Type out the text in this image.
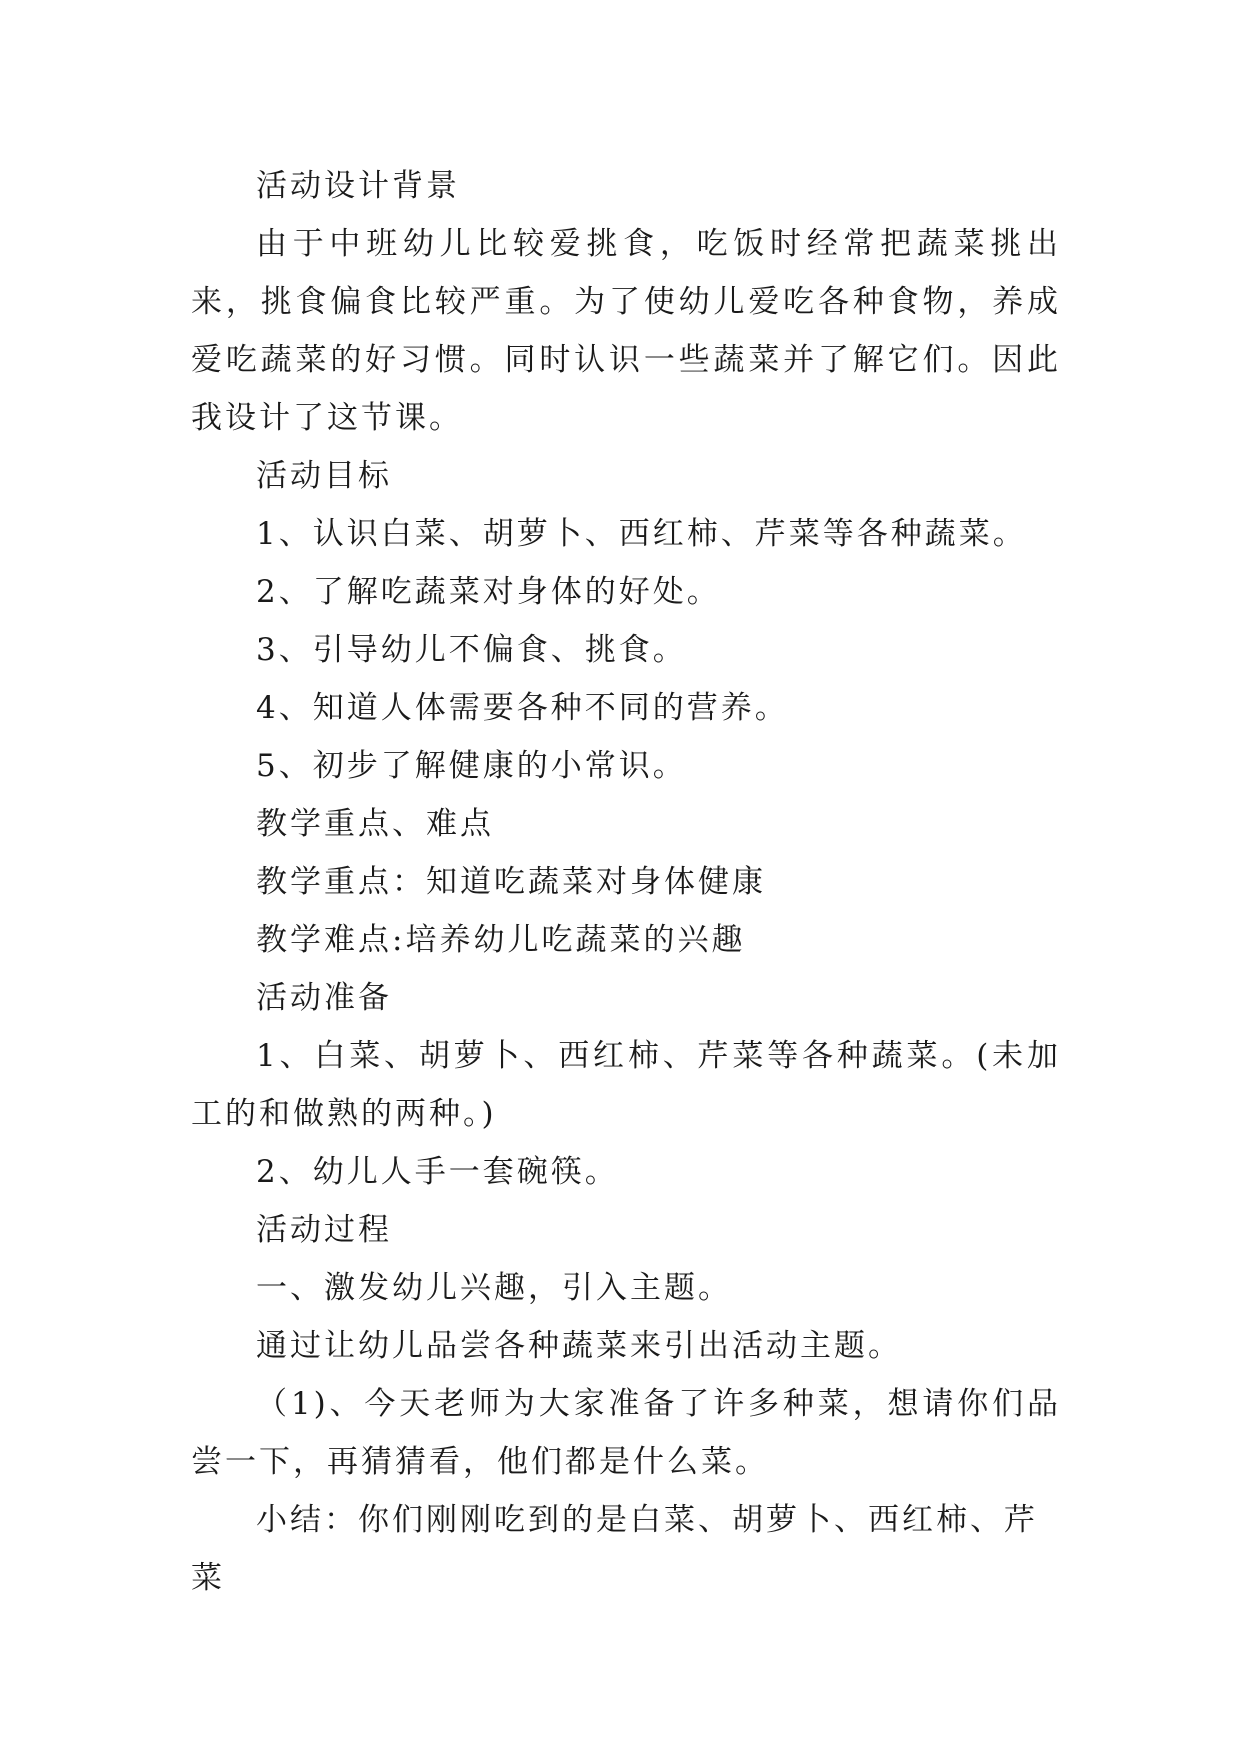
活动设计背景

由于中班幼儿比较爱挑食，吃饭时经常把蔬菜挑出来，挑食偏食比较严重。为了使幼儿爱吃各种食物，养成爱吃蔬菜的好习惯。同时认识一些蔬菜并了解它们。因此我设计了这节课。

活动目标

1、认识白菜、胡萝卜、西红柿、芹菜等各种蔬菜。

2、了解吃蔬菜对身体的好处。

3、引导幼儿不偏食、挑食。

4、知道人体需要各种不同的营养。

5、初步了解健康的小常识。

教学重点、难点

教学重点：知道吃蔬菜对身体健康

教学难点:培养幼儿吃蔬菜的兴趣

活动准备

1、白菜、胡萝卜、西红柿、芹菜等各种蔬菜。(未加工的和做熟的两种。)

2、幼儿人手一套碗筷。

活动过程

一、激发幼儿兴趣，引入主题。

通过让幼儿品尝各种蔬菜来引出活动主题。

（1)、今天老师为大家准备了许多种菜，想请你们品尝一下，再猜猜看，他们都是什么菜。

小结：你们刚刚吃到的是白菜、胡萝卜、西红柿、芹菜
